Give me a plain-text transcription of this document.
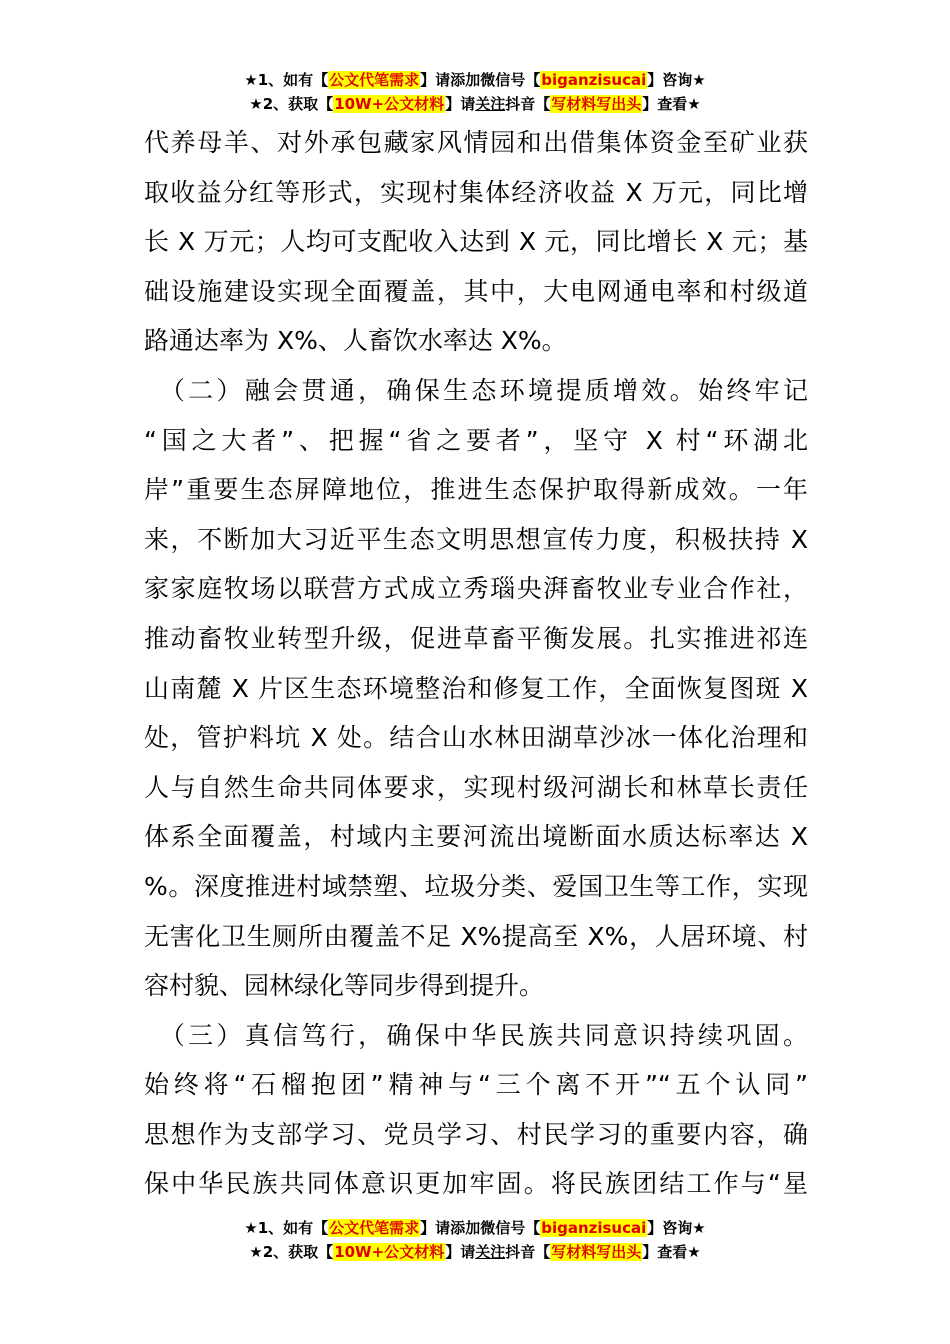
★1、如有【公文代笔需求】请添加微信号【biganzisucai】咨询★
★2、获取【10W+公文材料】请关注抖音【写材料写出头】查看★
代养母羊、对外承包藏家风情园和出借集体资金至矿业获
取收益分红等形式，实现村集体经济收益 X 万元，同比增
长 X 万元；人均可支配收入达到 X 元，同比增长 X 元；基
础设施建设实现全面覆盖，其中，大电网通电率和村级道
路通达率为 X%、人畜饮水率达 X%。
　（二）融会贯通，确保生态环境提质增效。始终牢记
“国之大者”、把握“省之要者”，坚守 X 村“环湖北
岸”重要生态屏障地位，推进生态保护取得新成效。一年
来，不断加大习近平生态文明思想宣传力度，积极扶持 X
家家庭牧场以联营方式成立秀瑙央湃畜牧业专业合作社，
推动畜牧业转型升级，促进草畜平衡发展。扎实推进祁连
山南麓 X 片区生态环境整治和修复工作，全面恢复图斑 X
处，管护料坑 X 处。结合山水林田湖草沙冰一体化治理和
人与自然生命共同体要求，实现村级河湖长和林草长责任
体系全面覆盖，村域内主要河流出境断面水质达标率达 X
%。深度推进村域禁塑、垃圾分类、爱国卫生等工作，实现
无害化卫生厕所由覆盖不足 X%提高至 X%，人居环境、村
容村貌、园林绿化等同步得到提升。
　（三）真信笃行，确保中华民族共同意识持续巩固。
始终将“石榴抱团”精神与“三个离不开”“五个认同”
思想作为支部学习、党员学习、村民学习的重要内容，确
保中华民族共同体意识更加牢固。将民族团结工作与“星
★1、如有【公文代笔需求】请添加微信号【biganzisucai】咨询★
★2、获取【10W+公文材料】请关注抖音【写材料写出头】查看★
